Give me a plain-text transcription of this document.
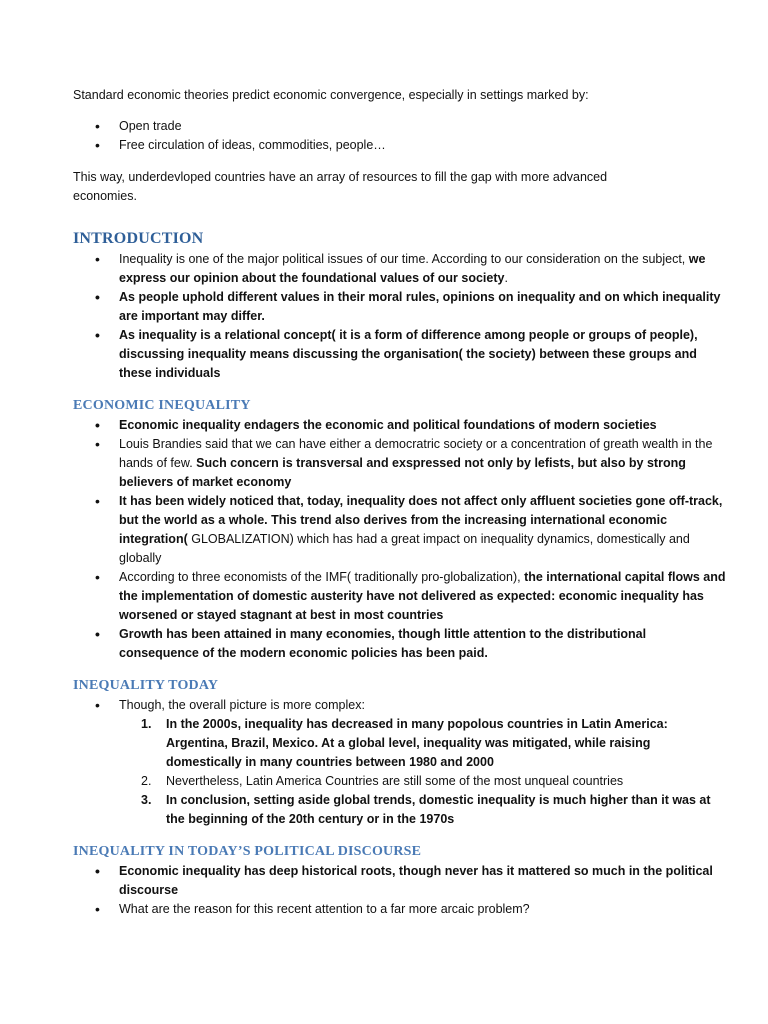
Standard economic theories predict economic convergence, especially in settings marked by:

• Open trade
• Free circulation of ideas, commodities, people…

This way, underdevloped countries have an array of resources to fill the gap with more advanced economies.

INTRODUCTION
• Inequality is one of the major political issues of our time. According to our consideration on the subject, we express our opinion about the foundational values of our society.
• As people uphold different values in their moral rules, opinions on inequality and on which inequality are important may differ.
• As inequality is a relational concept( it is a form of difference among people or groups of people), discussing inequality means discussing the organisation( the society) between these groups and these individuals
ECONOMIC INEQUALITY
• Economic inequality endagers the economic and political foundations of modern societies
• Louis Brandies said that we can have either a democratric society or a concentration of greath wealth in the hands of few. Such concern is transversal and exspressed not only by lefists, but also by strong believers of market economy
• It has been widely noticed that, today, inequality does not affect only affluent societies gone off-track, but the world as a whole. This trend also derives from the increasing international economic integration( GLOBALIZATION) which has had a great impact on inequality dynamics, domestically and globally
• According to three economists of the IMF( traditionally pro-globalization), the international capital flows and the implementation of domestic austerity have not delivered as expected: economic inequality has worsened or stayed stagnant at best in most countries
• Growth has been attained in many economies, though little attention to the distributional consequence of the modern economic policies has been paid.
INEQUALITY TODAY
• Though, the overall picture is more complex:
1. In the 2000s, inequality has decreased in many popolous countries in Latin America: Argentina, Brazil, Mexico. At a global level, inequality was mitigated, while raising domestically in many countries between 1980 and 2000
2. Nevertheless, Latin America Countries are still some of the most unqueal countries
3. In conclusion, setting aside global trends, domestic inequality is much higher than it was at the beginning of the 20th century or in the 1970s
INEQUALITY IN TODAY’S POLITICAL DISCOURSE
• Economic inequality has deep historical roots, though never has it mattered so much in the political discourse
• What are the reason for this recent attention to a far more arcaic problem?
